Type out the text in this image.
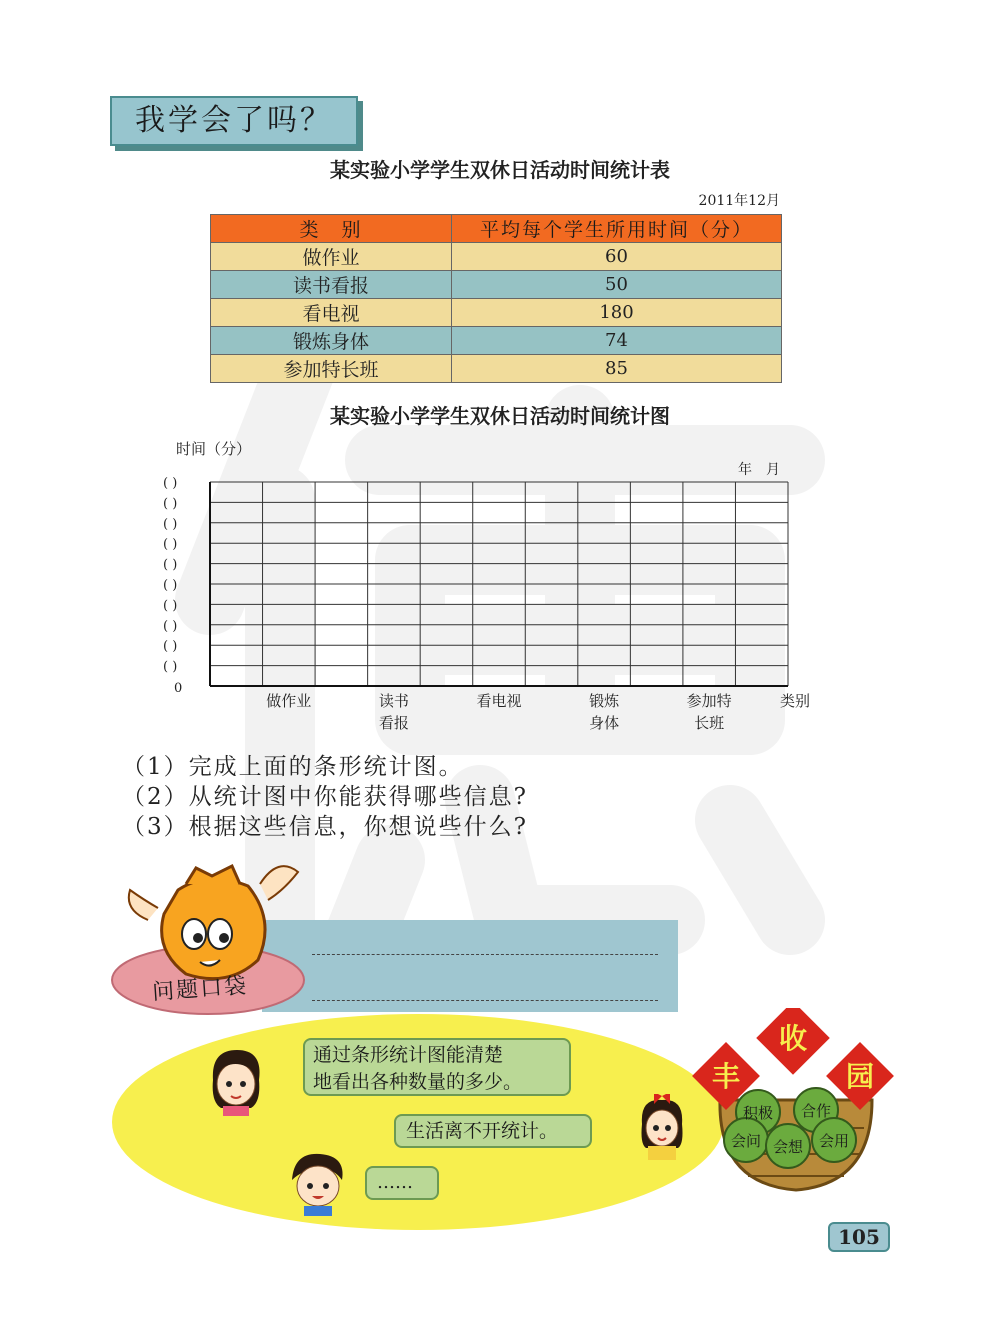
我学会了吗？
某实验小学学生双休日活动时间统计表
2011年12月
类　别	平均每个学生所用时间（分）
做作业	60
读书看报	50
看电视	180
锻炼身体	74
参加特长班	85
某实验小学学生双休日活动时间统计图
时间（分）
年　月
0
类别
( )
( )
( )
( )
( )
( )
( )
( )
( )
( )
做作业	读书
看报
看电视	锻炼
身体
参加特
长班
（1）完成上面的条形统计图。
（2）从统计图中你能获得哪些信息?
（3）根据这些信息，你想说些什么?
问题口袋
通过条形统计图能清楚
地看出各种数量的多少。
生活离不开统计。
……
积极 合作
会问 会想 会用
丰
收
园
105
